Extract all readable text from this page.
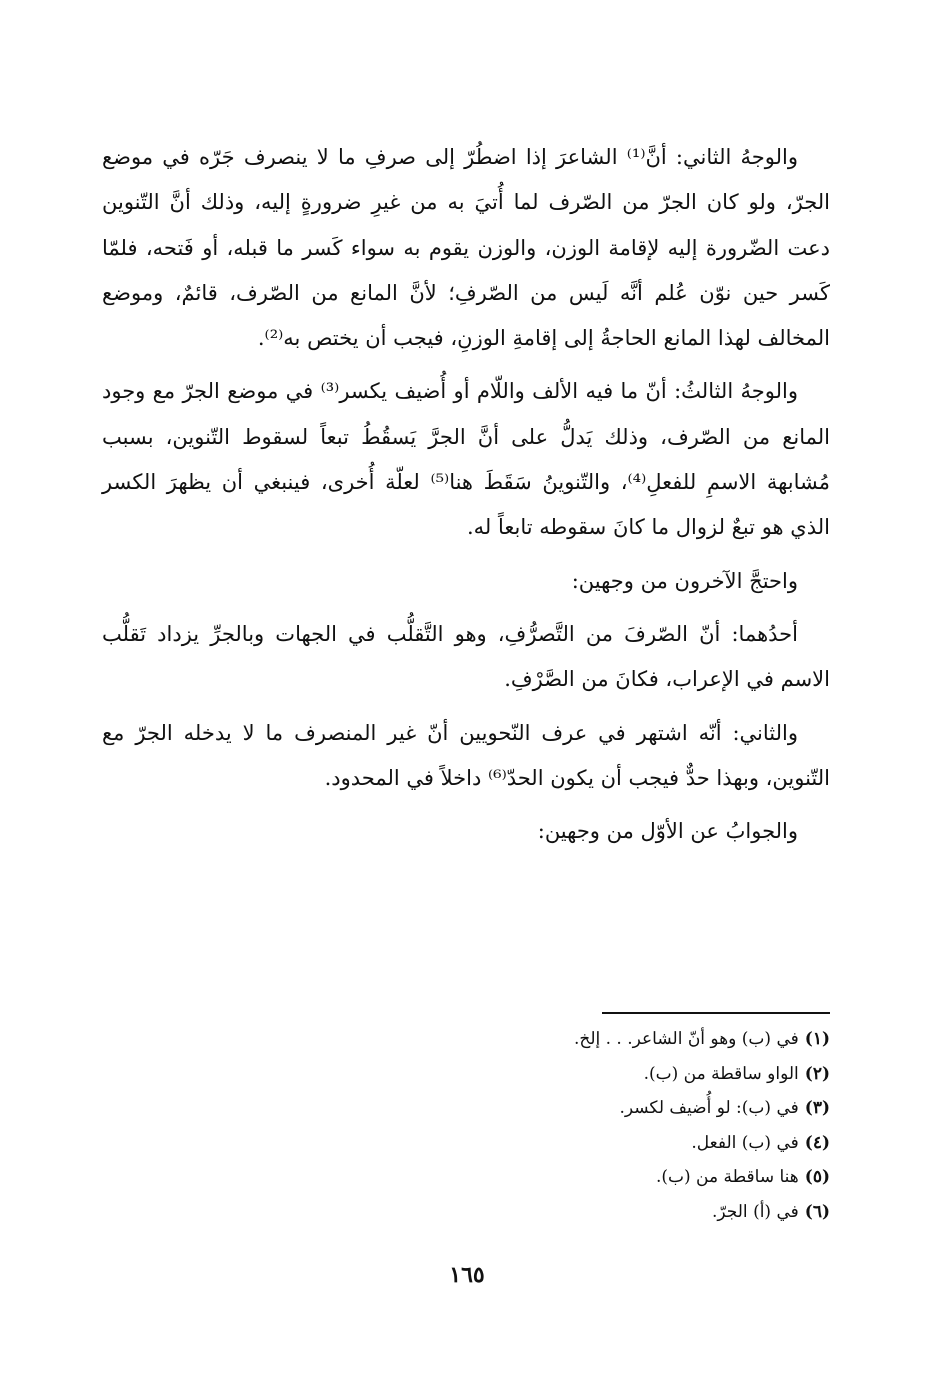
والوجهُ الثاني: أنَّ⁽¹⁾ الشاعرَ إذا اضطُرّ إلى صرفِ ما لا ينصرف جَرّه في موضع الجرّ، ولو كان الجرّ من الصّرف لما أُتيَ به من غيرِ ضرورةٍ إليه، وذلك أنَّ التّنوين دعت الضّرورة إليه لإقامة الوزن، والوزن يقوم به سواء كَسر ما قبله، أو فَتحه، فلمّا كَسر حين نوّن عُلم أنَّه لَيس من الصّرفِ؛ لأنَّ المانع من الصّرف، قائمٌ، وموضع المخالف لهذا المانع الحاجةُ إلى إقامةِ الوزنِ، فيجب أن يختص به⁽²⁾.

والوجهُ الثالثُ: أنّ ما فيه الألف واللّام أو أُضيف يكسر⁽³⁾ في موضع الجرّ مع وجود المانع من الصّرف، وذلك يَدلُّ على أنَّ الجرَّ يَسقُطُ تبعاً لسقوط التّنوين، بسبب مُشابهة الاسمِ للفعلِ⁽⁴⁾، والتّنوينُ سَقَطَ هنا⁽⁵⁾ لعلّة أُخرى، فينبغي أن يظهرَ الكسر الذي هو تبعٌ لزوال ما كانَ سقوطه تابعاً له.

واحتجَّ الآخرون من وجهين:

أحدُهما: أنّ الصّرفَ من التَّصرُّفِ، وهو التَّقلُّب في الجهات وبالجرِّ يزداد تَقلُّب الاسم في الإعراب، فكانَ من الصَّرْفِ.

والثاني: أنّه اشتهر في عرف النّحويين أنّ غير المنصرف ما لا يدخله الجرّ مع التّنوين، وبهذا حدٌّ فيجب أن يكون الحدّ⁽⁶⁾ داخلاً في المحدود.

والجوابُ عن الأوّل من وجهين:

(١)في (ب) وهو أنّ الشاعر. . . إلخ.

(٢)الواو ساقطة من (ب).

(٣)في (ب): لو أُضيف لكسر.

(٤)في (ب) الفعل.

(٥)هنا ساقطة من (ب).

(٦)في (أ) الجرّ.

١٦٥
